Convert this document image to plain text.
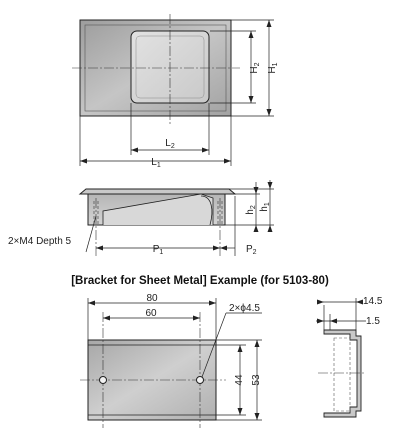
$H_2$
$H_1$
$L_2$
$L_1$
$h_2$ $h_1$
$P_1$	$P_2$
2×M4 Depth 5
[Bracket for Sheet Metal] Example (for 5103-80)
80
60	2×ϕ4.5
44 53
14.5
1.5
